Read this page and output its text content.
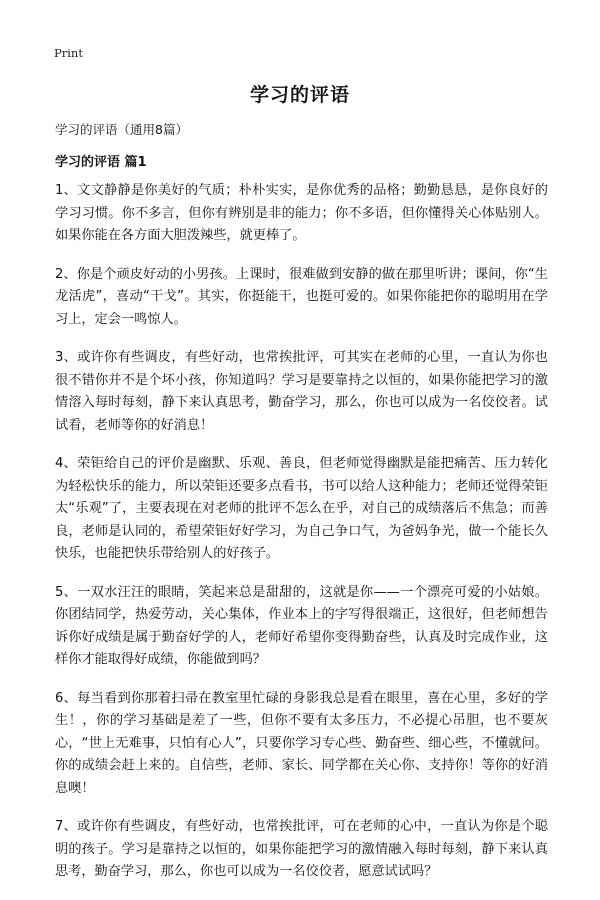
Print
学习的评语
学习的评语（通用8篇）
学习的评语 篇1

1、文文静静是你美好的气质；朴朴实实，是你优秀的品格；勤勤恳恳，是你良好的学习习惯。你不多言，但你有辨别是非的能力；你不多语，但你懂得关心体贴别人。如果你能在各方面大胆泼辣些，就更棒了。

2、你是个顽皮好动的小男孩。上课时，很难做到安静的做在那里听讲；课间，你“生龙活虎”，喜动“干戈”。其实，你挺能干，也挺可爱的。如果你能把你的聪明用在学习上，定会一鸣惊人。

3、或许你有些调皮，有些好动，也常挨批评，可其实在老师的心里，一直认为你也很不错你并不是个坏小孩，你知道吗？学习是要靠持之以恒的，如果你能把学习的激情溶入每时每刻，静下来认真思考，勤奋学习，那么，你也可以成为一名佼佼者。试试看，老师等你的好消息！

4、荣钜给自己的评价是幽默、乐观、善良，但老师觉得幽默是能把痛苦、压力转化为轻松快乐的能力，所以荣钜还要多点看书，书可以给人这种能力；老师还觉得荣钜太“乐观”了，主要表现在对老师的批评不怎么在乎，对自己的成绩落后不焦急；而善良，老师是认同的，希望荣钜好好学习，为自己争口气，为爸妈争光，做一个能长久快乐，也能把快乐带给别人的好孩子。

5、一双水汪汪的眼睛，笑起来总是甜甜的，这就是你——一个漂亮可爱的小姑娘。你团结同学，热爱劳动，关心集体，作业本上的字写得很端正，这很好，但老师想告诉你好成绩是属于勤奋好学的人，老师好希望你变得勤奋些，认真及时完成作业，这样你才能取得好成绩，你能做到吗？

6、每当看到你那着扫帚在教室里忙碌的身影我总是看在眼里，喜在心里，多好的学生！，你的学习基础是差了一些，但你不要有太多压力，不必提心吊胆，也不要灰心，“世上无难事，只怕有心人”，只要你学习专心些、勤奋些、细心些，不懂就问。你的成绩会赶上来的。自信些，老师、家长、同学都在关心你、支持你！等你的好消息噢！

7、或许你有些调皮，有些好动，也常挨批评，可在老师的心中，一直认为你是个聪明的孩子。学习是靠持之以恒的，如果你能把学习的激情融入每时每刻，静下来认真思考，勤奋学习，那么，你也可以成为一名佼佼者，愿意试试吗？
